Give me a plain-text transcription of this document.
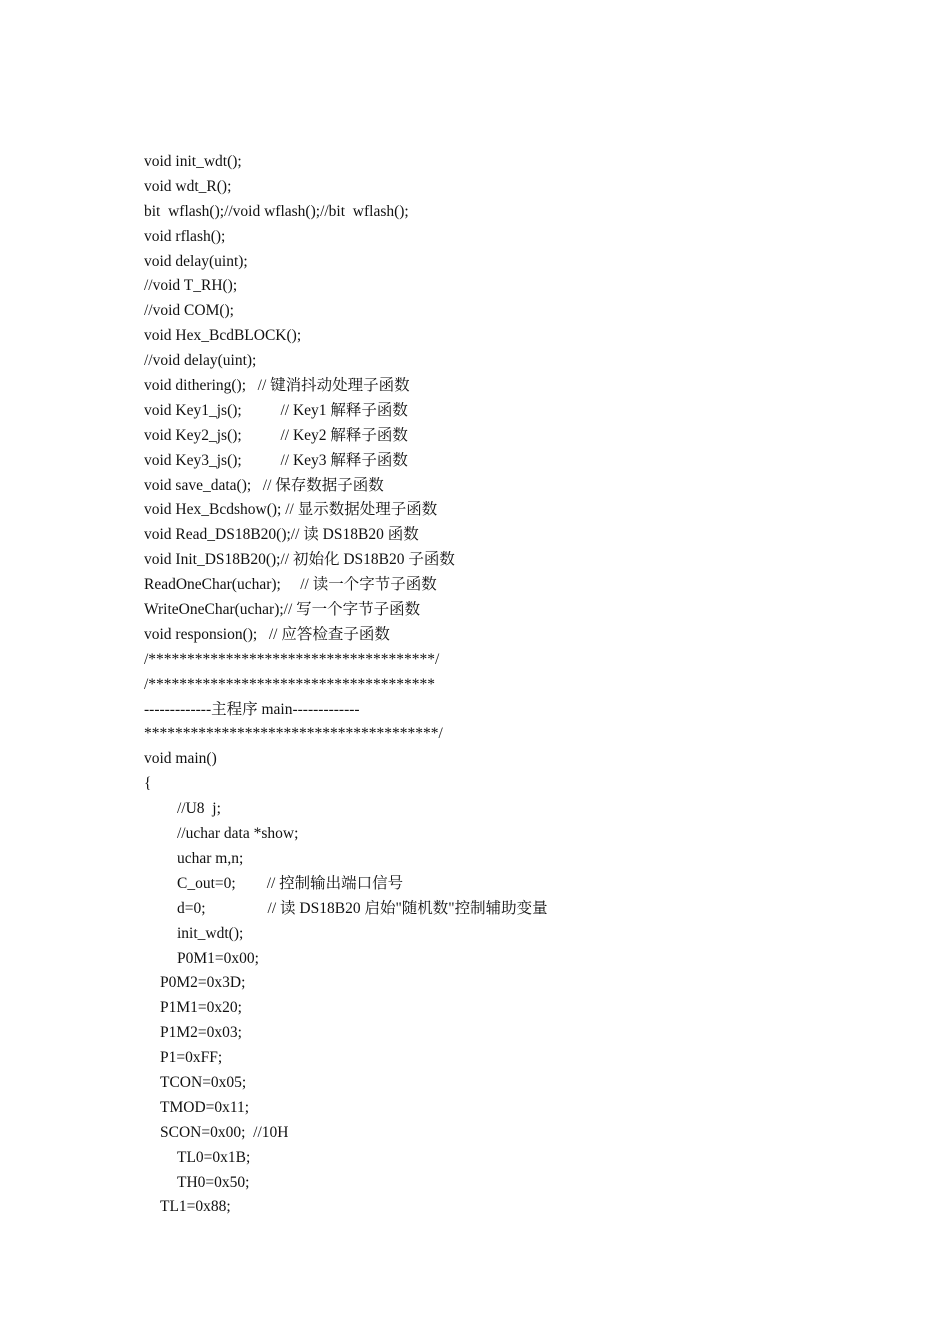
void init_wdt();
void wdt_R();
bit  wflash();//void wflash();//bit  wflash();
void rflash();
void delay(uint);
//void T_RH();
//void COM();
void Hex_BcdBLOCK();
//void delay(uint);
void dithering();   // 键消抖动处理子函数
void Key1_js();          // Key1 解释子函数
void Key2_js();          // Key2 解释子函数
void Key3_js();          // Key3 解释子函数
void save_data();   // 保存数据子函数
void Hex_Bcdshow(); // 显示数据处理子函数
void Read_DS18B20();// 读 DS18B20 函数
void Init_DS18B20();// 初始化 DS18B20 子函数
ReadOneChar(uchar);     // 读一个字节子函数
WriteOneChar(uchar);// 写一个字节子函数
void responsion();   // 应答检查子函数
/*************************************/
/*************************************
-------------主程序 main-------------
**************************************/
void main()
{
//U8  j;
//uchar data *show;
uchar m,n;
C_out=0;        // 控制输出端口信号
d=0;                // 读 DS18B20 启始"随机数"控制辅助变量
init_wdt();
P0M1=0x00;
P0M2=0x3D;
P1M1=0x20;
P1M2=0x03;
P1=0xFF;
TCON=0x05;
TMOD=0x11;
SCON=0x00;  //10H
TL0=0x1B;
TH0=0x50;
TL1=0x88;
